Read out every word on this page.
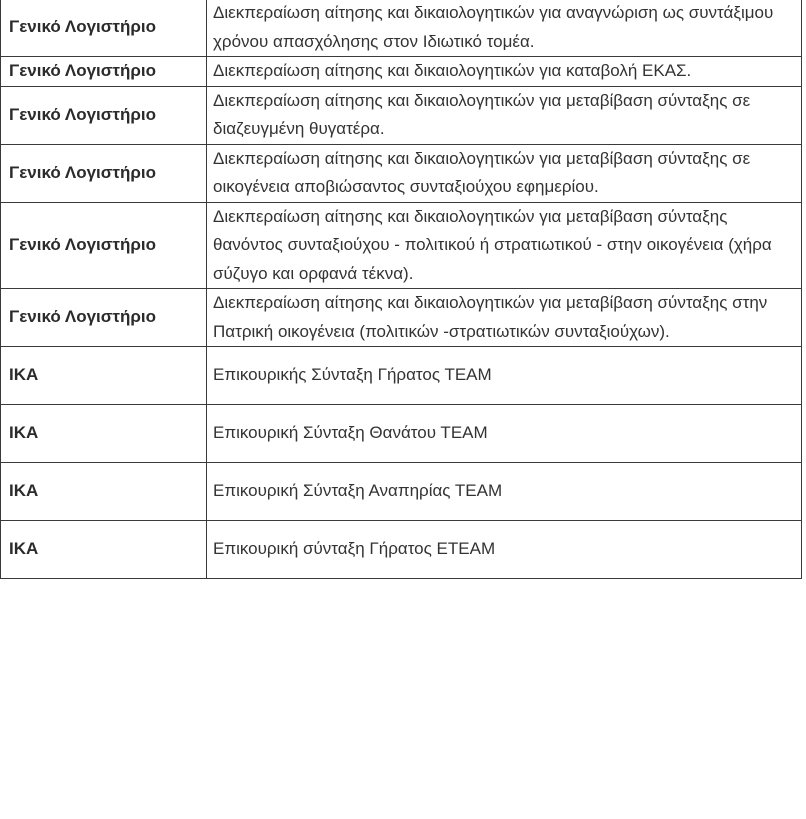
Γενικό Λογιστήριο	Διεκπεραίωση αίτησης και δικαιολογητικών για αναγνώριση ως συντάξιμου χρόνου απασχόλησης στον Ιδιωτικό τομέα.
Γενικό Λογιστήριο	Διεκπεραίωση αίτησης και δικαιολογητικών για καταβολή ΕΚΑΣ.
Γενικό Λογιστήριο	Διεκπεραίωση αίτησης και δικαιολογητικών για μεταβίβαση σύνταξης σε διαζευγμένη θυγατέρα.
Γενικό Λογιστήριο	Διεκπεραίωση αίτησης και δικαιολογητικών για μεταβίβαση σύνταξης σε οικογένεια αποβιώσαντος συνταξιούχου εφημερίου.
Γενικό Λογιστήριο	Διεκπεραίωση αίτησης και δικαιολογητικών για μεταβίβαση σύνταξης θανόντος συνταξιούχου - πολιτικού ή στρατιωτικού - στην οικογένεια (χήρα σύζυγο και ορφανά τέκνα).
Γενικό Λογιστήριο	Διεκπεραίωση αίτησης και δικαιολογητικών για μεταβίβαση σύνταξης στην Πατρική οικογένεια (πολιτικών -στρατιωτικών συνταξιούχων).
ΙΚΑ	Επικουρικής Σύνταξη Γήρατος ΤΕΑΜ
ΙΚΑ	Επικουρική Σύνταξη Θανάτου ΤΕΑΜ
ΙΚΑ	Επικουρική Σύνταξη Αναπηρίας ΤΕΑΜ
ΙΚΑ	Επικουρική σύνταξη Γήρατος ΕΤΕΑΜ
